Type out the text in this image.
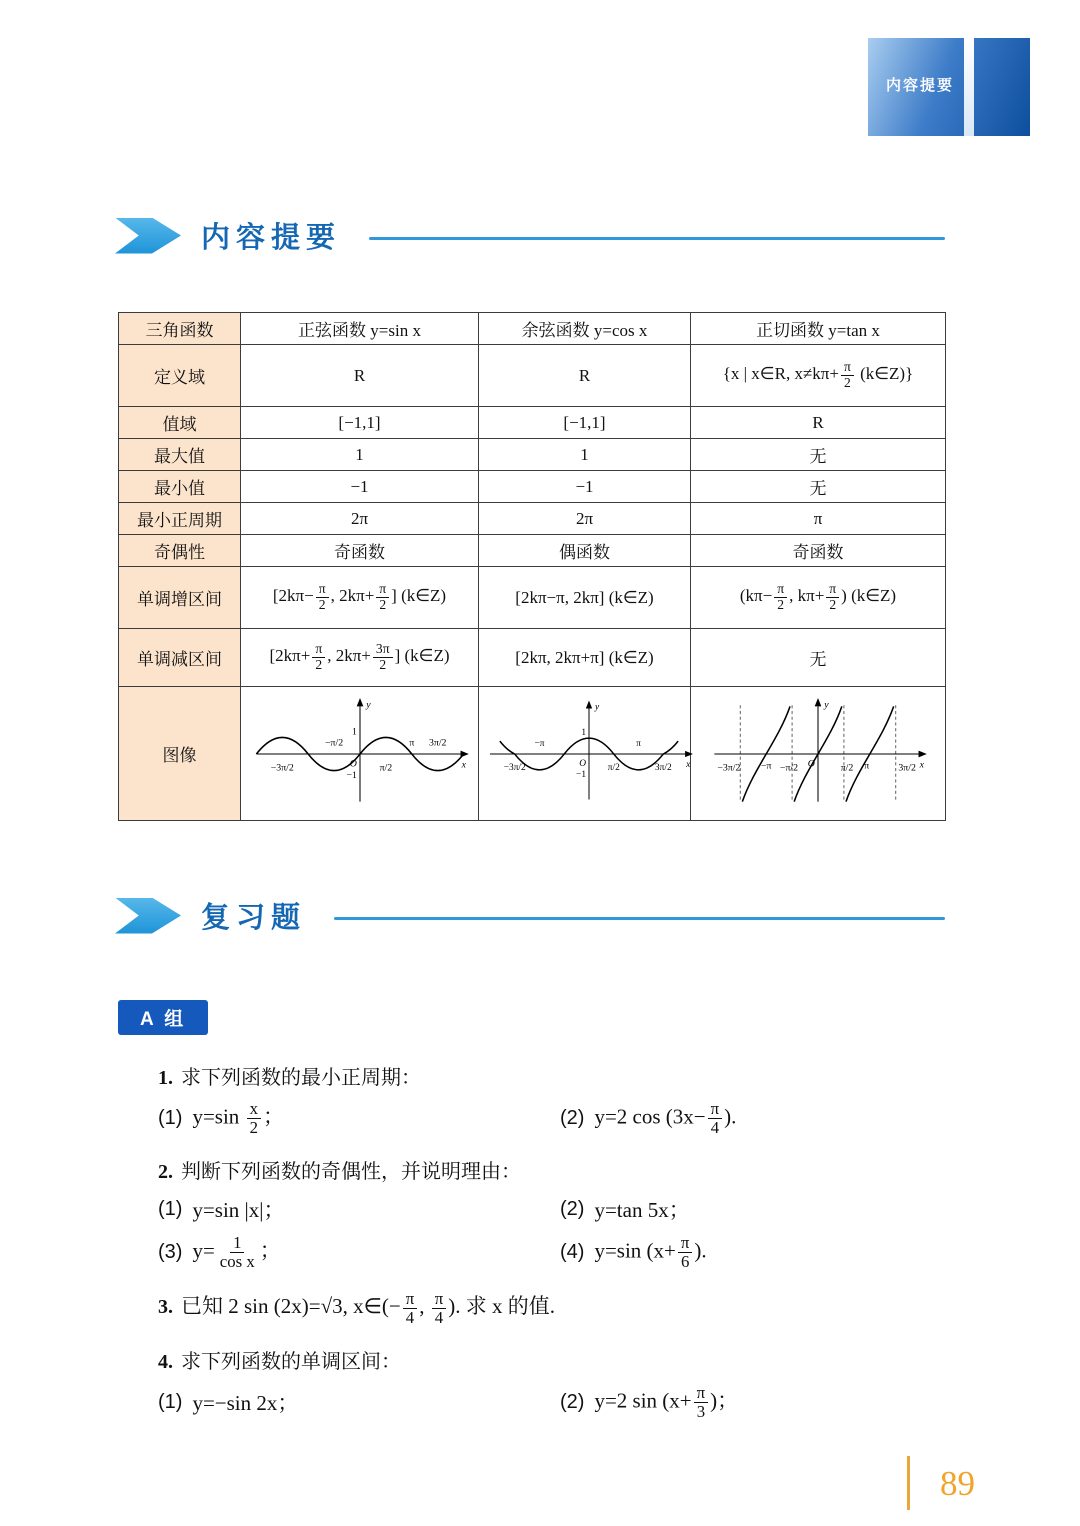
内容提要
内容提要
三角函数	正弦函数 y=sin x	余弦函数 y=cos x	正切函数 y=tan x
定义域	R	R	{x | x∈R, $x\ne k\pi+ \frac{\pi}{2}$ (k∈Z)}
值域	[−1,1]	[−1,1]	R
最大值	1	1	无
最小值	−1	−1	无
最小正周期	2π	2π	π
奇偶性	奇函数	偶函数	奇函数
单调增区间	[$2k\pi- \frac{\pi}{2}$ , $2k\pi+ \frac{\pi}{2}$ ] (k∈Z)	[2kπ−π, 2kπ] (k∈Z)	($k\pi- \frac{\pi}{2}$ , $k\pi+ \frac{\pi}{2}$ ) (k∈Z)
单调减区间	[$2k\pi+ \frac{\pi}{2}$ , $2k\pi+ \frac{3\pi}{2}$ ] (k∈Z)	[2kπ, 2kπ+π] (k∈Z)	无
图像	
y
x
O
1
−1
−3π/2
−π/2
π/2
π 3π/2

y
x
O
1
−1
−3π/2
−π
π/2
π
3π/2

y
x
O
−3π/2 −π −π/2	π/2 π	3π/2
复习题
A 组
1. 求下列函数的最小正周期：
(1) $y=\sin \frac{x}{2}$ ；	(2) y=2 $\cos (3x- \frac{\pi}{4}$ ).
2. 判断下列函数的奇偶性，并说明理由：
(1) y=sin |x|；	(2) y=tan 5x；
(3) $y= \frac{1}{\text{cos x}}$ ；	(4) y=sin ($x+ \frac{\pi}{6}$ ).
3. 已知 2 sin (2x)=√3, x∈(− $\frac{\pi}{4}$ , $\frac{\pi}{4}$ ). 求 x 的值.
4. 求下列函数的单调区间：
(1) y=−sin 2x；	(2) y=2 $\sin (x+ \frac{\pi}{3}$ )；
89
